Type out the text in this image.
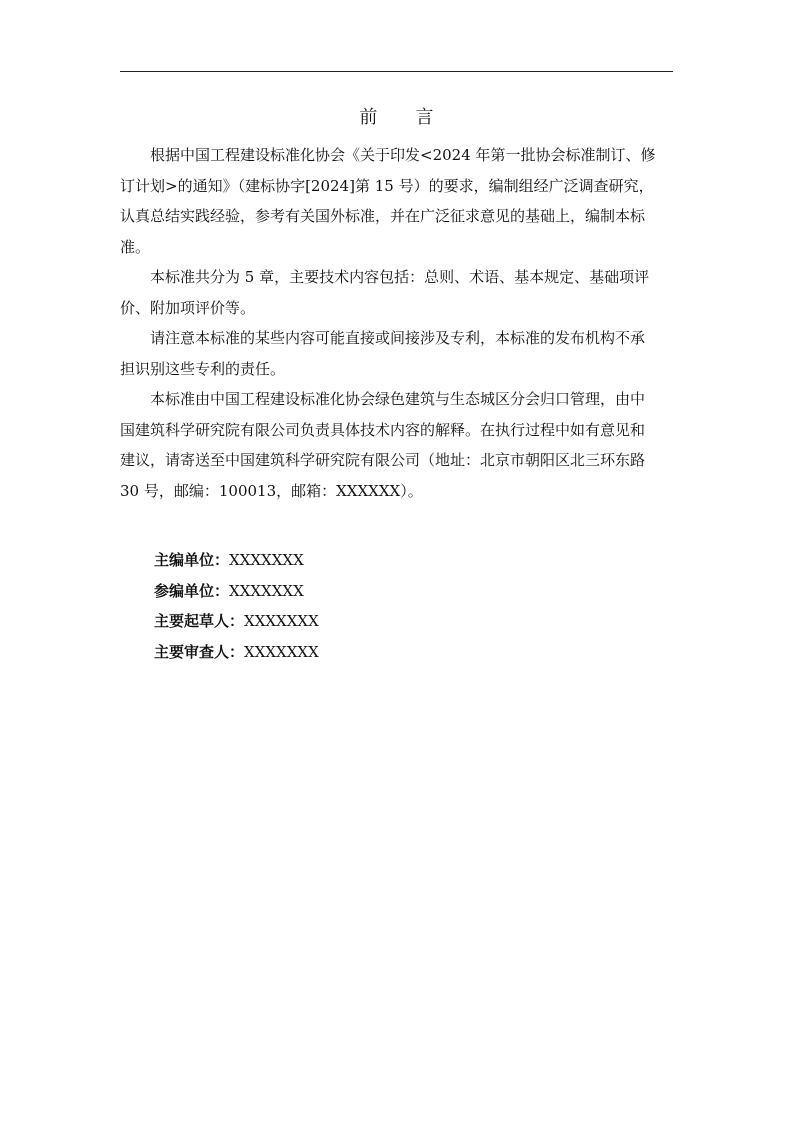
前 言

根据中国工程建设标准化协会《关于印发<2024 年第一批协会标准制订、修
订计划>的通知》（建标协字[2024]第 15 号）的要求，编制组经广泛调查研究，
认真总结实践经验，参考有关国外标准，并在广泛征求意见的基础上，编制本标
准。

本标准共分为 5 章，主要技术内容包括：总则、术语、基本规定、基础项评
价、附加项评价等。

请注意本标准的某些内容可能直接或间接涉及专利，本标准的发布机构不承
担识别这些专利的责任。

本标准由中国工程建设标准化协会绿色建筑与生态城区分会归口管理，由中
国建筑科学研究院有限公司负责具体技术内容的解释。在执行过程中如有意见和
建议，请寄送至中国建筑科学研究院有限公司（地址：北京市朝阳区北三环东路
30 号，邮编：100013，邮箱：XXXXXX）。

主编单位：XXXXXXX
参编单位：XXXXXXX
主要起草人：XXXXXXX
主要审查人：XXXXXXX
